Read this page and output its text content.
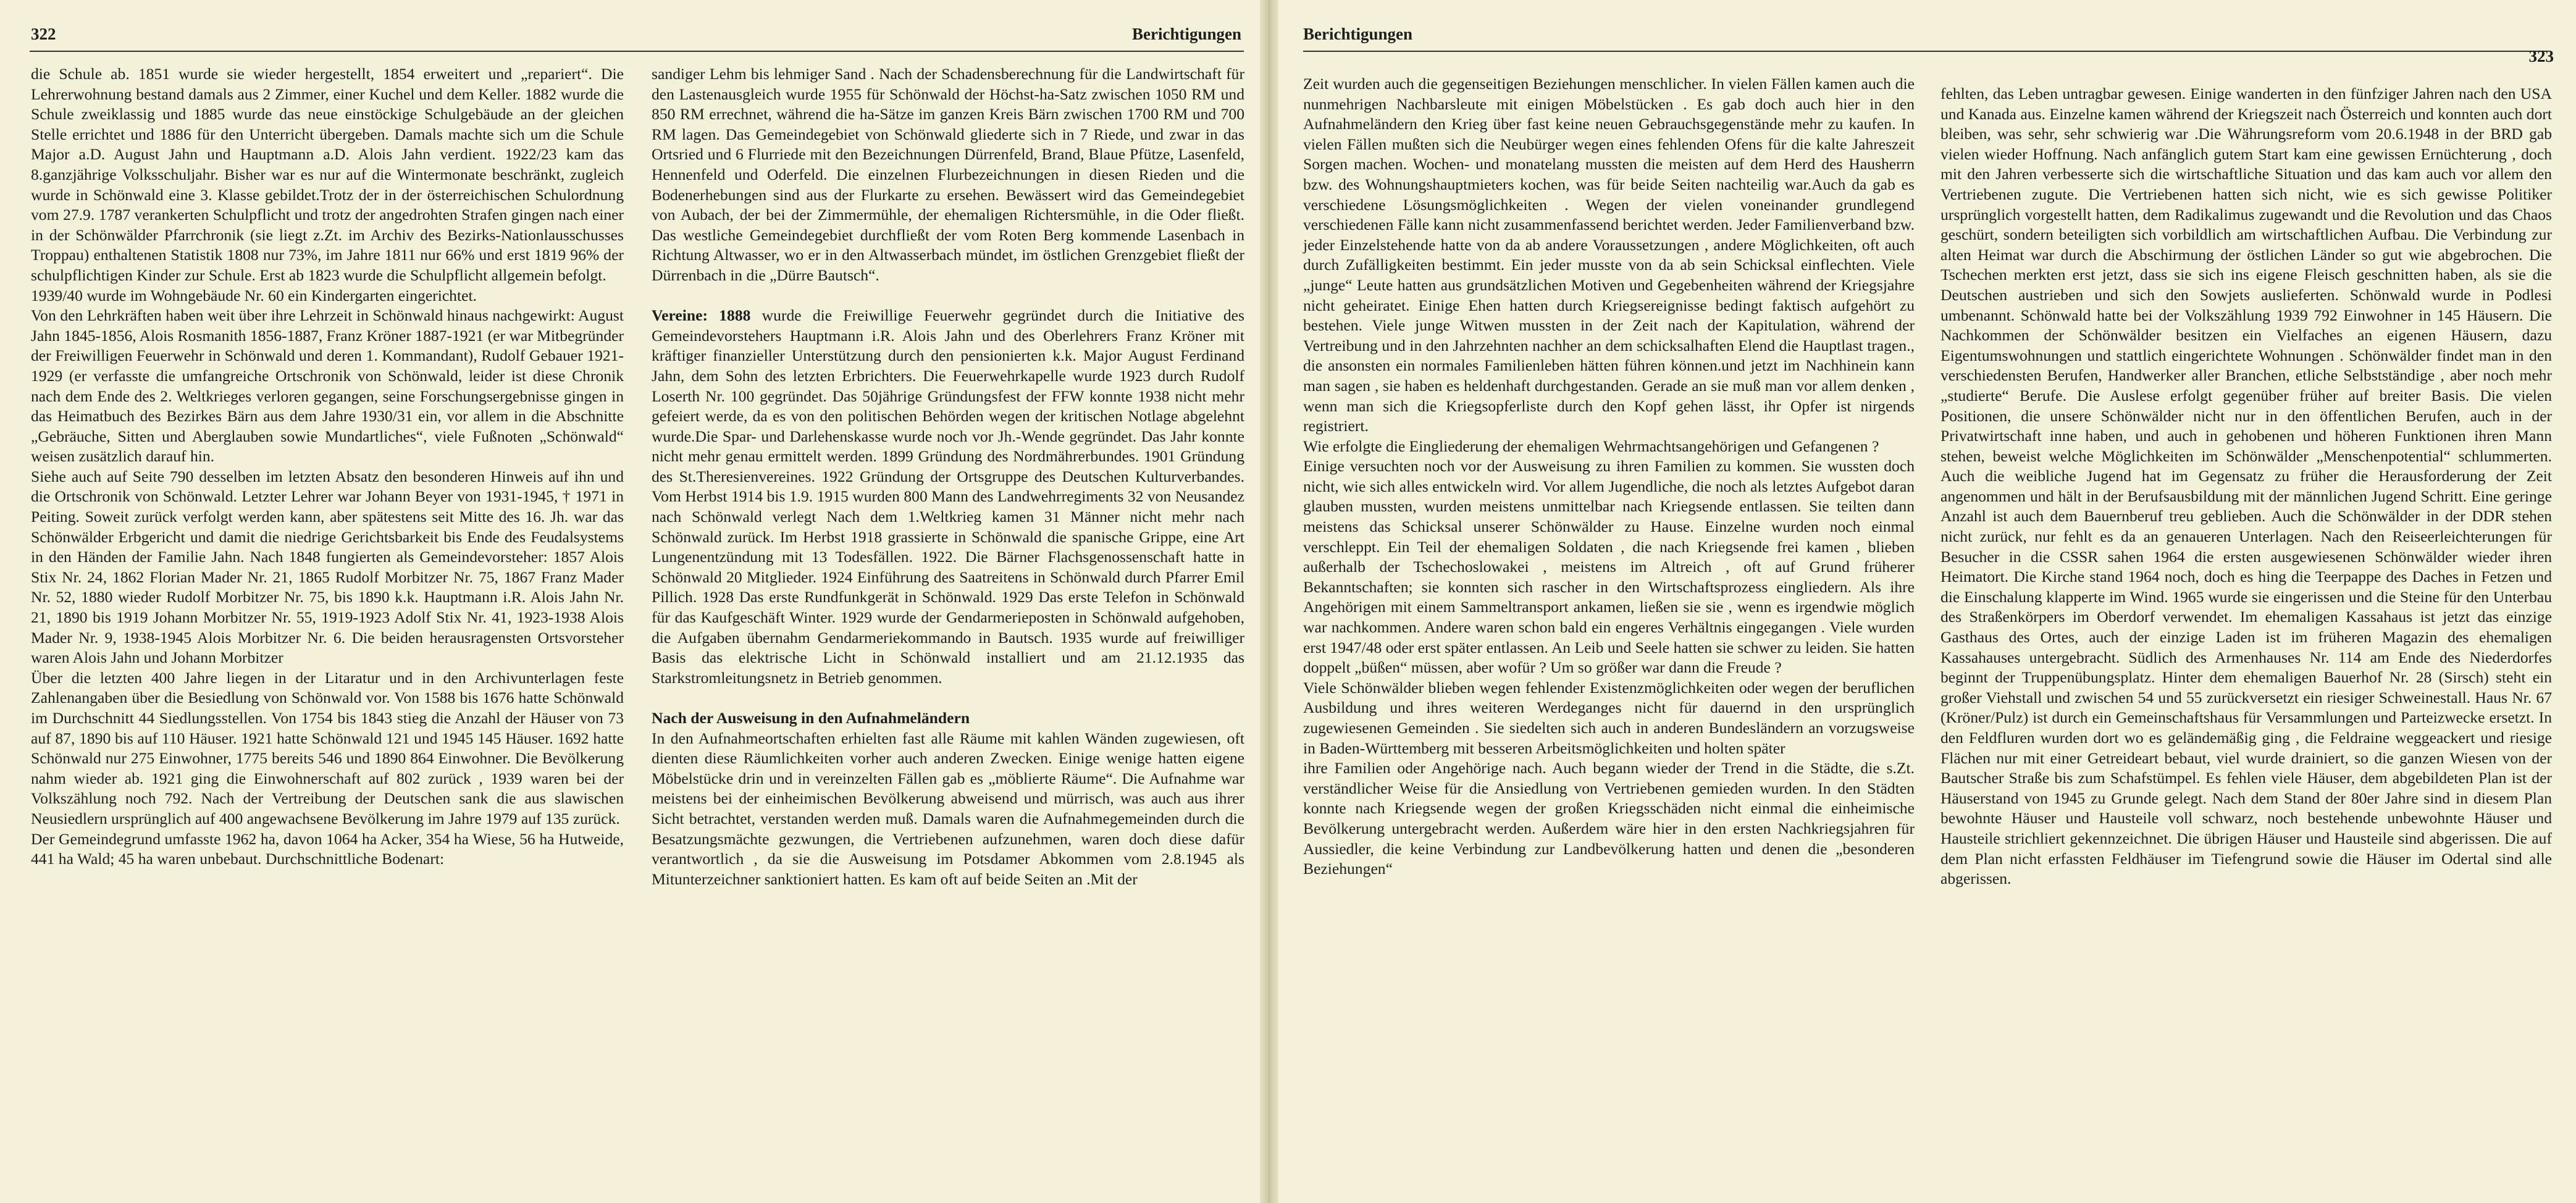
322	Berichtigungen

die Schule ab. 1851 wurde sie wieder hergestellt, 1854 erweitert und „repariert“. Die Lehrerwohnung bestand damals aus 2 Zimmer, einer Kuchel und dem Keller. 1882 wurde die Schule zweiklassig und 1885 wurde das neue einstöckige Schulgebäude an der gleichen Stelle errichtet und 1886 für den Unterricht übergeben. Damals machte sich um die Schule Major a.D. August Jahn und Hauptmann a.D. Alois Jahn verdient. 1922/23 kam das 8.ganzjährige Volksschuljahr. Bisher war es nur auf die Wintermonate beschränkt, zugleich wurde in Schönwald eine 3. Klasse gebildet.Trotz der in der österreichischen Schulordnung vom 27.9. 1787 verankerten Schulpflicht und trotz der angedrohten Strafen gingen nach einer in der Schönwälder Pfarrchronik (sie liegt z.Zt. im Archiv des Bezirks-Nationlausschusses Troppau) enthaltenen Statistik 1808 nur 73%, im Jahre 1811 nur 66% und erst 1819 96% der schulpflichtigen Kinder zur Schule. Erst ab 1823 wurde die Schulpflicht allgemein befolgt.

1939/40 wurde im Wohngebäude Nr. 60 ein Kindergarten eingerichtet.

Von den Lehrkräften haben weit über ihre Lehrzeit in Schönwald hinaus nachgewirkt: August Jahn 1845-1856, Alois Rosmanith 1856-1887, Franz Kröner 1887-1921 (er war Mitbegründer der Freiwilligen Feuerwehr in Schönwald und deren 1. Kommandant), Rudolf Gebauer 1921-1929 (er verfasste die umfangreiche Ortschronik von Schönwald, leider ist diese Chronik nach dem Ende des 2. Weltkrieges verloren gegangen, seine Forschungsergebnisse gingen in das Heimatbuch des Bezirkes Bärn aus dem Jahre 1930/31 ein, vor allem in die Abschnitte „Gebräuche, Sitten und Aberglauben sowie Mundartliches“, viele Fußnoten „Schönwald“ weisen zusätzlich darauf hin.

Siehe auch auf Seite 790 desselben im letzten Absatz den besonderen Hinweis auf ihn und die Ortschronik von Schönwald. Letzter Lehrer war Johann Beyer von 1931-1945, † 1971 in Peiting. Soweit zurück verfolgt werden kann, aber spätestens seit Mitte des 16. Jh. war das Schönwälder Erbgericht und damit die niedrige Gerichtsbarkeit bis Ende des Feudalsystems in den Händen der Familie Jahn. Nach 1848 fungierten als Gemeindevorsteher: 1857 Alois Stix Nr. 24, 1862 Florian Mader Nr. 21, 1865 Rudolf Morbitzer Nr. 75, 1867 Franz Mader Nr. 52, 1880 wieder Rudolf Morbitzer Nr. 75, bis 1890 k.k. Hauptmann i.R. Alois Jahn Nr. 21, 1890 bis 1919 Johann Morbitzer Nr. 55, 1919-1923 Adolf Stix Nr. 41, 1923-1938 Alois Mader Nr. 9, 1938-1945 Alois Morbitzer Nr. 6. Die beiden herausragensten Ortsvorsteher waren Alois Jahn und Johann Morbitzer

Über die letzten 400 Jahre liegen in der Litaratur und in den Archivunterlagen feste Zahlenangaben über die Besiedlung von Schönwald vor. Von 1588 bis 1676 hatte Schönwald im Durchschnitt 44 Siedlungsstellen. Von 1754 bis 1843 stieg die Anzahl der Häuser von 73 auf 87, 1890 bis auf 110 Häuser. 1921 hatte Schönwald 121 und 1945 145 Häuser. 1692 hatte Schönwald nur 275 Einwohner, 1775 bereits 546 und 1890 864 Einwohner. Die Bevölkerung nahm wieder ab. 1921 ging die Einwohnerschaft auf 802 zurück , 1939 waren bei der Volkszählung noch 792. Nach der Vertreibung der Deutschen sank die aus slawischen Neusiedlern ursprünglich auf 400 angewachsene Bevölkerung im Jahre 1979 auf 135 zurück.

Der Gemeindegrund umfasste 1962 ha, davon 1064 ha Acker, 354 ha Wiese, 56 ha Hutweide, 441 ha Wald; 45 ha waren unbebaut. Durchschnittliche Bodenart:

sandiger Lehm bis lehmiger Sand . Nach der Schadensberechnung für die Landwirtschaft für den Lastenausgleich wurde 1955 für Schönwald der Höchst-ha-Satz zwischen 1050 RM und 850 RM errechnet, während die ha-Sätze im ganzen Kreis Bärn zwischen 1700 RM und 700 RM lagen. Das Gemeindegebiet von Schönwald gliederte sich in 7 Riede, und zwar in das Ortsried und 6 Flurriede mit den Bezeichnungen Dürrenfeld, Brand, Blaue Pfütze, Lasenfeld, Hennenfeld und Oderfeld. Die einzelnen Flurbezeichnungen in diesen Rieden und die Bodenerhebungen sind aus der Flurkarte zu ersehen. Bewässert wird das Gemeindegebiet von Aubach, der bei der Zimmermühle, der ehemaligen Richtersmühle, in die Oder fließt. Das westliche Gemeindegebiet durchfließt der vom Roten Berg kommende Lasenbach in Richtung Altwasser, wo er in den Altwasserbach mündet, im östlichen Grenzgebiet fließt der Dürrenbach in die „Dürre Bautsch“.

Vereine: 1888 wurde die Freiwillige Feuerwehr gegründet durch die Initiative des Gemeindevorstehers Hauptmann i.R. Alois Jahn und des Oberlehrers Franz Kröner mit kräftiger finanzieller Unterstützung durch den pensionierten k.k. Major August Ferdinand Jahn, dem Sohn des letzten Erbrichters. Die Feuerwehrkapelle wurde 1923 durch Rudolf Loserth Nr. 100 gegründet. Das 50jährige Gründungsfest der FFW konnte 1938 nicht mehr gefeiert werde, da es von den politischen Behörden wegen der kritischen Notlage abgelehnt wurde.Die Spar- und Darlehenskasse wurde noch vor Jh.-Wende gegründet. Das Jahr konnte nicht mehr genau ermittelt werden. 1899 Gründung des Nordmährerbundes. 1901 Gründung des St.Theresienvereines. 1922 Gründung der Ortsgruppe des Deutschen Kulturverbandes. Vom Herbst 1914 bis 1.9. 1915 wurden 800 Mann des Landwehrregiments 32 von Neusandez nach Schönwald verlegt Nach dem 1.Weltkrieg kamen 31 Männer nicht mehr nach Schönwald zurück. Im Herbst 1918 grassierte in Schönwald die spanische Grippe, eine Art Lungenentzündung mit 13 Todesfällen. 1922. Die Bärner Flachsgenossenschaft hatte in Schönwald 20 Mitglieder. 1924 Einführung des Saatreitens in Schönwald durch Pfarrer Emil Pillich. 1928 Das erste Rundfunkgerät in Schönwald. 1929 Das erste Telefon in Schönwald für das Kaufgeschäft Winter. 1929 wurde der Gendarmerieposten in Schönwald aufgehoben, die Aufgaben übernahm Gendarmeriekommando in Bautsch. 1935 wurde auf freiwilliger Basis das elektrische Licht in Schönwald installiert und am 21.12.1935 das Starkstromleitungsnetz in Betrieb genommen.

Nach der Ausweisung in den Aufnahmeländern

In den Aufnahmeortschaften erhielten fast alle Räume mit kahlen Wänden zugewiesen, oft dienten diese Räumlichkeiten vorher auch anderen Zwecken. Einige wenige hatten eigene Möbelstücke drin und in vereinzelten Fällen gab es „möblierte Räume“. Die Aufnahme war meistens bei der einheimischen Bevölkerung abweisend und mürrisch, was auch aus ihrer Sicht betrachtet, verstanden werden muß. Damals waren die Aufnahmegemeinden durch die Besatzungsmächte gezwungen, die Vertriebenen aufzunehmen, waren doch diese dafür verantwortlich , da sie die Ausweisung im Potsdamer Abkommen vom 2.8.1945 als Mitunterzeichner sanktioniert hatten. Es kam oft auf beide Seiten an .Mit der

Berichtigungen
323

Zeit wurden auch die gegenseitigen Beziehungen menschlicher. In vielen Fällen kamen auch die nunmehrigen Nachbarsleute mit einigen Möbelstücken . Es gab doch auch hier in den Aufnahmeländern den Krieg über fast keine neuen Gebrauchsgegenstände mehr zu kaufen. In vielen Fällen mußten sich die Neubürger wegen eines fehlenden Ofens für die kalte Jahreszeit Sorgen machen. Wochen- und monatelang mussten die meisten auf dem Herd des Hausherrn bzw. des Wohnungshauptmieters kochen, was für beide Seiten nachteilig war.Auch da gab es verschiedene Lösungsmöglichkeiten . Wegen der vielen voneinander grundlegend verschiedenen Fälle kann nicht zusammenfassend berichtet werden. Jeder Familienverband bzw. jeder Einzelstehende hatte von da ab andere Voraussetzungen , andere Möglichkeiten, oft auch durch Zufälligkeiten bestimmt. Ein jeder musste von da ab sein Schicksal einflechten. Viele „junge“ Leute hatten aus grundsätzlichen Motiven und Gegebenheiten während der Kriegsjahre nicht geheiratet. Einige Ehen hatten durch Kriegsereignisse bedingt faktisch aufgehört zu bestehen. Viele junge Witwen mussten in der Zeit nach der Kapitulation, während der Vertreibung und in den Jahrzehnten nachher an dem schicksalhaften Elend die Hauptlast tragen., die ansonsten ein normales Familienleben hätten führen können.und jetzt im Nachhinein kann man sagen , sie haben es heldenhaft durchgestanden. Gerade an sie muß man vor allem denken , wenn man sich die Kriegsopferliste durch den Kopf gehen lässt, ihr Opfer ist nirgends registriert.

Wie erfolgte die Eingliederung der ehemaligen Wehrmachtsangehörigen und Gefangenen ?

Einige versuchten noch vor der Ausweisung zu ihren Familien zu kommen. Sie wussten doch nicht, wie sich alles entwickeln wird. Vor allem Jugendliche, die noch als letztes Aufgebot daran glauben mussten, wurden meistens unmittelbar nach Kriegsende entlassen. Sie teilten dann meistens das Schicksal unserer Schönwälder zu Hause. Einzelne wurden noch einmal verschleppt. Ein Teil der ehemaligen Soldaten , die nach Kriegsende frei kamen , blieben außerhalb der Tschechoslowakei , meistens im Altreich , oft auf Grund früherer Bekanntschaften; sie konnten sich rascher in den Wirtschaftsprozess eingliedern. Als ihre Angehörigen mit einem Sammeltransport ankamen, ließen sie sie , wenn es irgendwie möglich war nachkommen. Andere waren schon bald ein engeres Verhältnis eingegangen . Viele wurden erst 1947/48 oder erst später entlassen. An Leib und Seele hatten sie schwer zu leiden. Sie hatten doppelt „büßen“ müssen, aber wofür ? Um so größer war dann die Freude ?

Viele Schönwälder blieben wegen fehlender Existenzmöglichkeiten oder wegen der beruflichen Ausbildung und ihres weiteren Werdeganges nicht für dauernd in den ursprünglich zugewiesenen Gemeinden . Sie siedelten sich auch in anderen Bundesländern an vorzugsweise in Baden-Württemberg mit besseren Arbeitsmöglichkeiten und holten später

ihre Familien oder Angehörige nach. Auch begann wieder der Trend in die Städte, die s.Zt. verständlicher Weise für die Ansiedlung von Vertriebenen gemieden wurden. In den Städten konnte nach Kriegsende wegen der großen Kriegsschäden nicht einmal die einheimische Bevölkerung untergebracht werden. Außerdem wäre hier in den ersten Nachkriegsjahren für Aussiedler, die keine Verbindung zur Landbevölkerung hatten und denen die „besonderen Beziehungen“

fehlten, das Leben untragbar gewesen. Einige wanderten in den fünfziger Jahren nach den USA und Kanada aus. Einzelne kamen während der Kriegszeit nach Österreich und konnten auch dort bleiben, was sehr, sehr schwierig war .Die Währungsreform vom 20.6.1948 in der BRD gab vielen wieder Hoffnung. Nach anfänglich gutem Start kam eine gewissen Ernüchterung , doch mit den Jahren verbesserte sich die wirtschaftliche Situation und das kam auch vor allem den Vertriebenen zugute. Die Vertriebenen hatten sich nicht, wie es sich gewisse Politiker ursprünglich vorgestellt hatten, dem Radikalimus zugewandt und die Revolution und das Chaos geschürt, sondern beteiligten sich vorbildlich am wirtschaftlichen Aufbau. Die Verbindung zur alten Heimat war durch die Abschirmung der östlichen Länder so gut wie abgebrochen. Die Tschechen merkten erst jetzt, dass sie sich ins eigene Fleisch geschnitten haben, als sie die Deutschen austrieben und sich den Sowjets auslieferten. Schönwald wurde in Podlesi umbenannt. Schönwald hatte bei der Volkszählung 1939 792 Einwohner in 145 Häusern. Die Nachkommen der Schönwälder besitzen ein Vielfaches an eigenen Häusern, dazu Eigentumswohnungen und stattlich eingerichtete Wohnungen . Schönwälder findet man in den verschiedensten Berufen, Handwerker aller Branchen, etliche Selbstständige , aber noch mehr „studierte“ Berufe. Die Auslese erfolgt gegenüber früher auf breiter Basis. Die vielen Positionen, die unsere Schönwälder nicht nur in den öffentlichen Berufen, auch in der Privatwirtschaft inne haben, und auch in gehobenen und höheren Funktionen ihren Mann stehen, beweist welche Möglichkeiten im Schönwälder „Menschenpotential“ schlummerten. Auch die weibliche Jugend hat im Gegensatz zu früher die Herausforderung der Zeit angenommen und hält in der Berufsausbildung mit der männlichen Jugend Schritt. Eine geringe Anzahl ist auch dem Bauernberuf treu geblieben. Auch die Schönwälder in der DDR stehen nicht zurück, nur fehlt es da an genaueren Unterlagen. Nach den Reiseerleichterungen für Besucher in die CSSR sahen 1964 die ersten ausgewiesenen Schönwälder wieder ihren Heimatort. Die Kirche stand 1964 noch, doch es hing die Teerpappe des Daches in Fetzen und die Einschalung klapperte im Wind. 1965 wurde sie eingerissen und die Steine für den Unterbau des Straßenkörpers im Oberdorf verwendet. Im ehemaligen Kassahaus ist jetzt das einzige Gasthaus des Ortes, auch der einzige Laden ist im früheren Magazin des ehemaligen Kassahauses untergebracht. Südlich des Armenhauses Nr. 114 am Ende des Niederdorfes beginnt der Truppenübungsplatz. Hinter dem ehemaligen Bauerhof Nr. 28 (Sirsch) steht ein großer Viehstall und zwischen 54 und 55 zurückversetzt ein riesiger Schweinestall. Haus Nr. 67 (Kröner/Pulz) ist durch ein Gemeinschaftshaus für Versammlungen und Parteizwecke ersetzt. In den Feldfluren wurden dort wo es geländemäßig ging , die Feldraine weggeackert und riesige Flächen nur mit einer Getreideart bebaut, viel wurde drainiert, so die ganzen Wiesen von der Bautscher Straße bis zum Schafstümpel. Es fehlen viele Häuser, dem abgebildeten Plan ist der Häuserstand von 1945 zu Grunde gelegt. Nach dem Stand der 80er Jahre sind in diesem Plan bewohnte Häuser und Hausteile voll schwarz, noch bestehende unbewohnte Häuser und Hausteile strichliert gekennzeichnet. Die übrigen Häuser und Hausteile sind abgerissen. Die auf dem Plan nicht erfassten Feldhäuser im Tiefengrund sowie die Häuser im Odertal sind alle abgerissen.
